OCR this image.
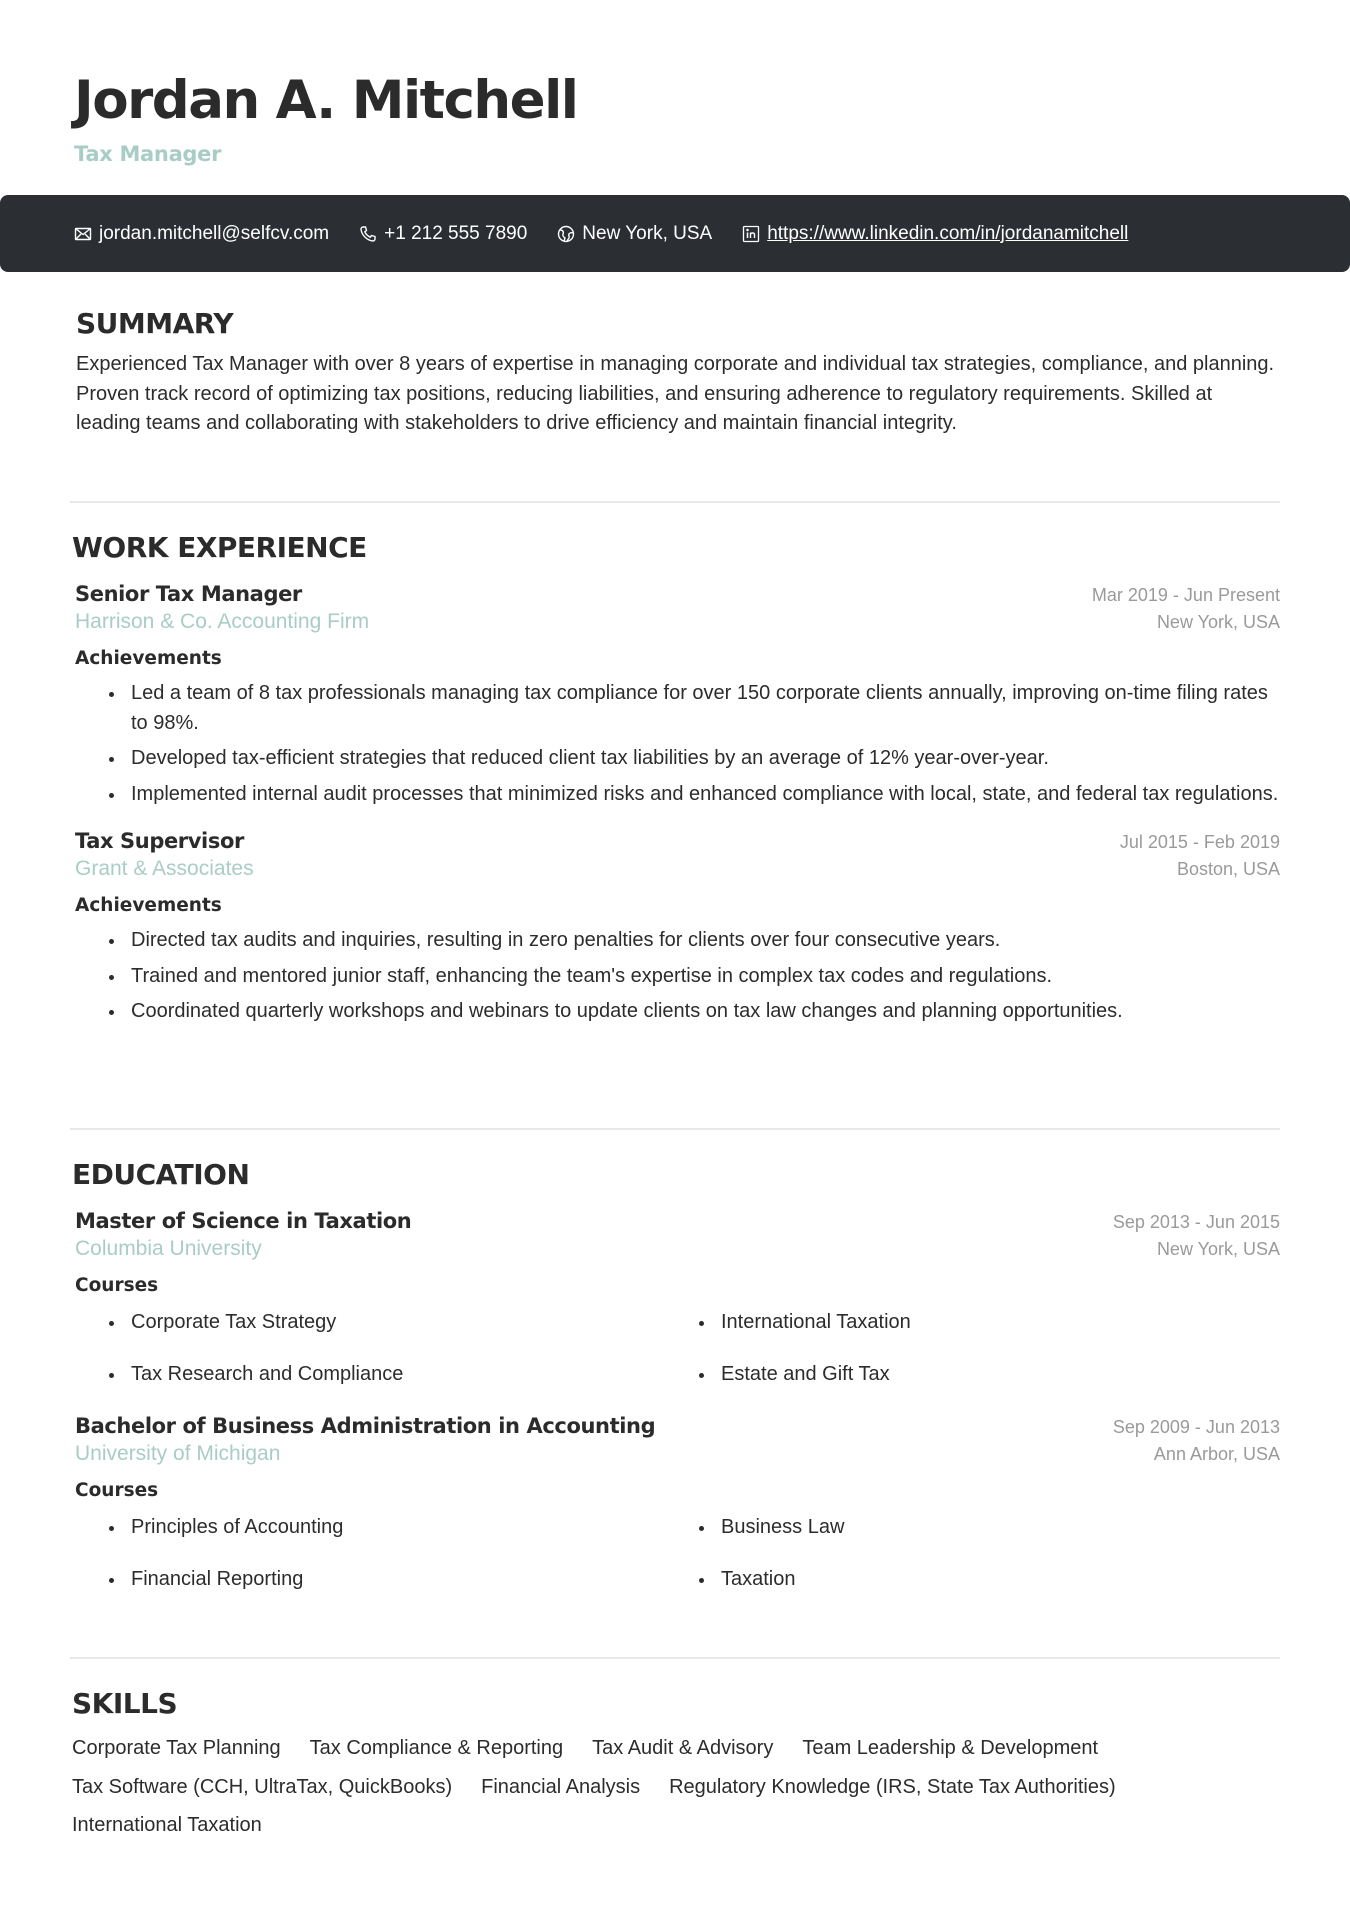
Jordan A. Mitchell
Tax Manager
jordan.mitchell@selfcv.com	+1 212 555 7890	New York, USA	https://www.linkedin.com/in/jordanamitchell
SUMMARY

Experienced Tax Manager with over 8 years of expertise in managing corporate and individual tax strategies, compliance, and planning. Proven track record of optimizing tax positions, reducing liabilities, and ensuring adherence to regulatory requirements. Skilled at leading teams and collaborating with stakeholders to drive efficiency and maintain financial integrity.

WORK EXPERIENCE
Senior Tax Manager	Mar 2019 - Jun Present
Harrison & Co. Accounting Firm	New York, USA
Achievements
Led a team of 8 tax professionals managing tax compliance for over 150 corporate clients annually, improving on-time filing rates to 98%.
Developed tax-efficient strategies that reduced client tax liabilities by an average of 12% year-over-year.
Implemented internal audit processes that minimized risks and enhanced compliance with local, state, and federal tax regulations.
Tax Supervisor	Jul 2015 - Feb 2019
Grant & Associates	Boston, USA
Achievements
Directed tax audits and inquiries, resulting in zero penalties for clients over four consecutive years.
Trained and mentored junior staff, enhancing the team's expertise in complex tax codes and regulations.
Coordinated quarterly workshops and webinars to update clients on tax law changes and planning opportunities.
EDUCATION
Master of Science in Taxation	Sep 2013 - Jun 2015
Columbia University	New York, USA
Courses
Corporate Tax Strategy	International Taxation
Tax Research and Compliance	Estate and Gift Tax
Bachelor of Business Administration in Accounting	Sep 2009 - Jun 2013
University of Michigan	Ann Arbor, USA
Courses
Principles of Accounting	Business Law
Financial Reporting	Taxation
SKILLS
Corporate Tax Planning Tax Compliance & Reporting Tax Audit & Advisory Team Leadership & Development
Tax Software (CCH, UltraTax, QuickBooks) Financial Analysis Regulatory Knowledge (IRS, State Tax Authorities)
International Taxation
